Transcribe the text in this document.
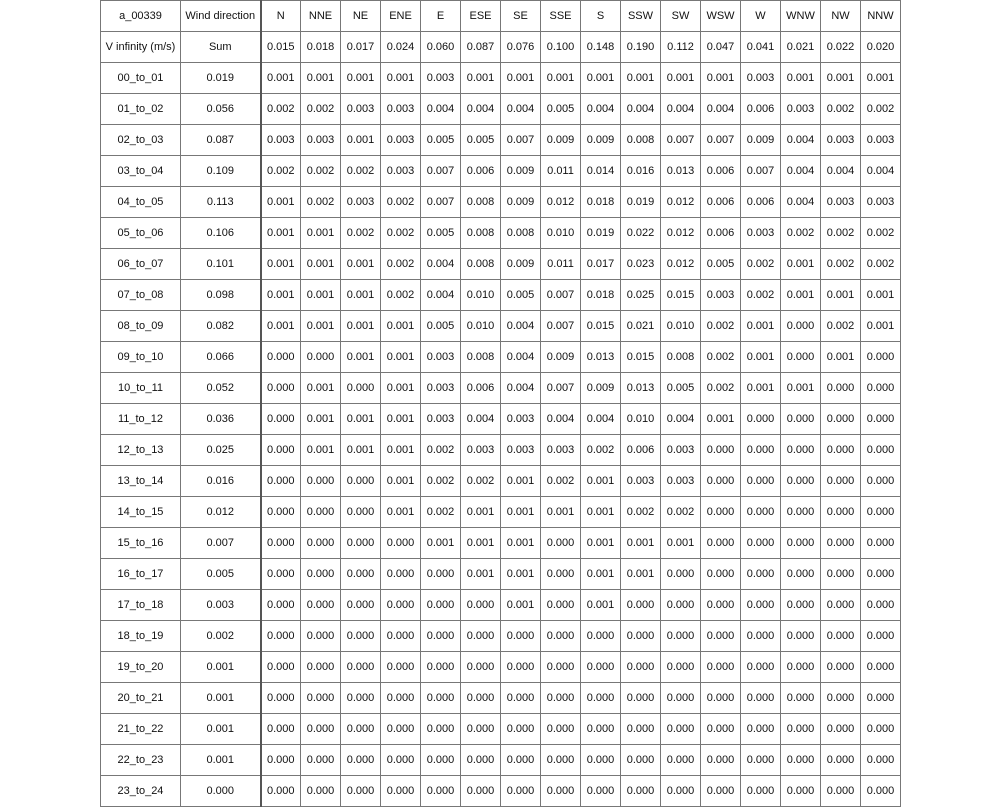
a_00339	Wind direction	N	NNE	NE	ENE	E	ESE	SE	SSE	S	SSW	SW	WSW	W	WNW	NW	NNW
V infinity (m/s)	Sum	0.015	0.018	0.017	0.024	0.060	0.087	0.076	0.100	0.148	0.190	0.112	0.047	0.041	0.021	0.022	0.020
00_to_01	0.019	0.001	0.001	0.001	0.001	0.003	0.001	0.001	0.001	0.001	0.001	0.001	0.001	0.003	0.001	0.001	0.001
01_to_02	0.056	0.002	0.002	0.003	0.003	0.004	0.004	0.004	0.005	0.004	0.004	0.004	0.004	0.006	0.003	0.002	0.002
02_to_03	0.087	0.003	0.003	0.001	0.003	0.005	0.005	0.007	0.009	0.009	0.008	0.007	0.007	0.009	0.004	0.003	0.003
03_to_04	0.109	0.002	0.002	0.002	0.003	0.007	0.006	0.009	0.011	0.014	0.016	0.013	0.006	0.007	0.004	0.004	0.004
04_to_05	0.113	0.001	0.002	0.003	0.002	0.007	0.008	0.009	0.012	0.018	0.019	0.012	0.006	0.006	0.004	0.003	0.003
05_to_06	0.106	0.001	0.001	0.002	0.002	0.005	0.008	0.008	0.010	0.019	0.022	0.012	0.006	0.003	0.002	0.002	0.002
06_to_07	0.101	0.001	0.001	0.001	0.002	0.004	0.008	0.009	0.011	0.017	0.023	0.012	0.005	0.002	0.001	0.002	0.002
07_to_08	0.098	0.001	0.001	0.001	0.002	0.004	0.010	0.005	0.007	0.018	0.025	0.015	0.003	0.002	0.001	0.001	0.001
08_to_09	0.082	0.001	0.001	0.001	0.001	0.005	0.010	0.004	0.007	0.015	0.021	0.010	0.002	0.001	0.000	0.002	0.001
09_to_10	0.066	0.000	0.000	0.001	0.001	0.003	0.008	0.004	0.009	0.013	0.015	0.008	0.002	0.001	0.000	0.001	0.000
10_to_11	0.052	0.000	0.001	0.000	0.001	0.003	0.006	0.004	0.007	0.009	0.013	0.005	0.002	0.001	0.001	0.000	0.000
11_to_12	0.036	0.000	0.001	0.001	0.001	0.003	0.004	0.003	0.004	0.004	0.010	0.004	0.001	0.000	0.000	0.000	0.000
12_to_13	0.025	0.000	0.001	0.001	0.001	0.002	0.003	0.003	0.003	0.002	0.006	0.003	0.000	0.000	0.000	0.000	0.000
13_to_14	0.016	0.000	0.000	0.000	0.001	0.002	0.002	0.001	0.002	0.001	0.003	0.003	0.000	0.000	0.000	0.000	0.000
14_to_15	0.012	0.000	0.000	0.000	0.001	0.002	0.001	0.001	0.001	0.001	0.002	0.002	0.000	0.000	0.000	0.000	0.000
15_to_16	0.007	0.000	0.000	0.000	0.000	0.001	0.001	0.001	0.000	0.001	0.001	0.001	0.000	0.000	0.000	0.000	0.000
16_to_17	0.005	0.000	0.000	0.000	0.000	0.000	0.001	0.001	0.000	0.001	0.001	0.000	0.000	0.000	0.000	0.000	0.000
17_to_18	0.003	0.000	0.000	0.000	0.000	0.000	0.000	0.001	0.000	0.001	0.000	0.000	0.000	0.000	0.000	0.000	0.000
18_to_19	0.002	0.000	0.000	0.000	0.000	0.000	0.000	0.000	0.000	0.000	0.000	0.000	0.000	0.000	0.000	0.000	0.000
19_to_20	0.001	0.000	0.000	0.000	0.000	0.000	0.000	0.000	0.000	0.000	0.000	0.000	0.000	0.000	0.000	0.000	0.000
20_to_21	0.001	0.000	0.000	0.000	0.000	0.000	0.000	0.000	0.000	0.000	0.000	0.000	0.000	0.000	0.000	0.000	0.000
21_to_22	0.001	0.000	0.000	0.000	0.000	0.000	0.000	0.000	0.000	0.000	0.000	0.000	0.000	0.000	0.000	0.000	0.000
22_to_23	0.001	0.000	0.000	0.000	0.000	0.000	0.000	0.000	0.000	0.000	0.000	0.000	0.000	0.000	0.000	0.000	0.000
23_to_24	0.000	0.000	0.000	0.000	0.000	0.000	0.000	0.000	0.000	0.000	0.000	0.000	0.000	0.000	0.000	0.000	0.000
